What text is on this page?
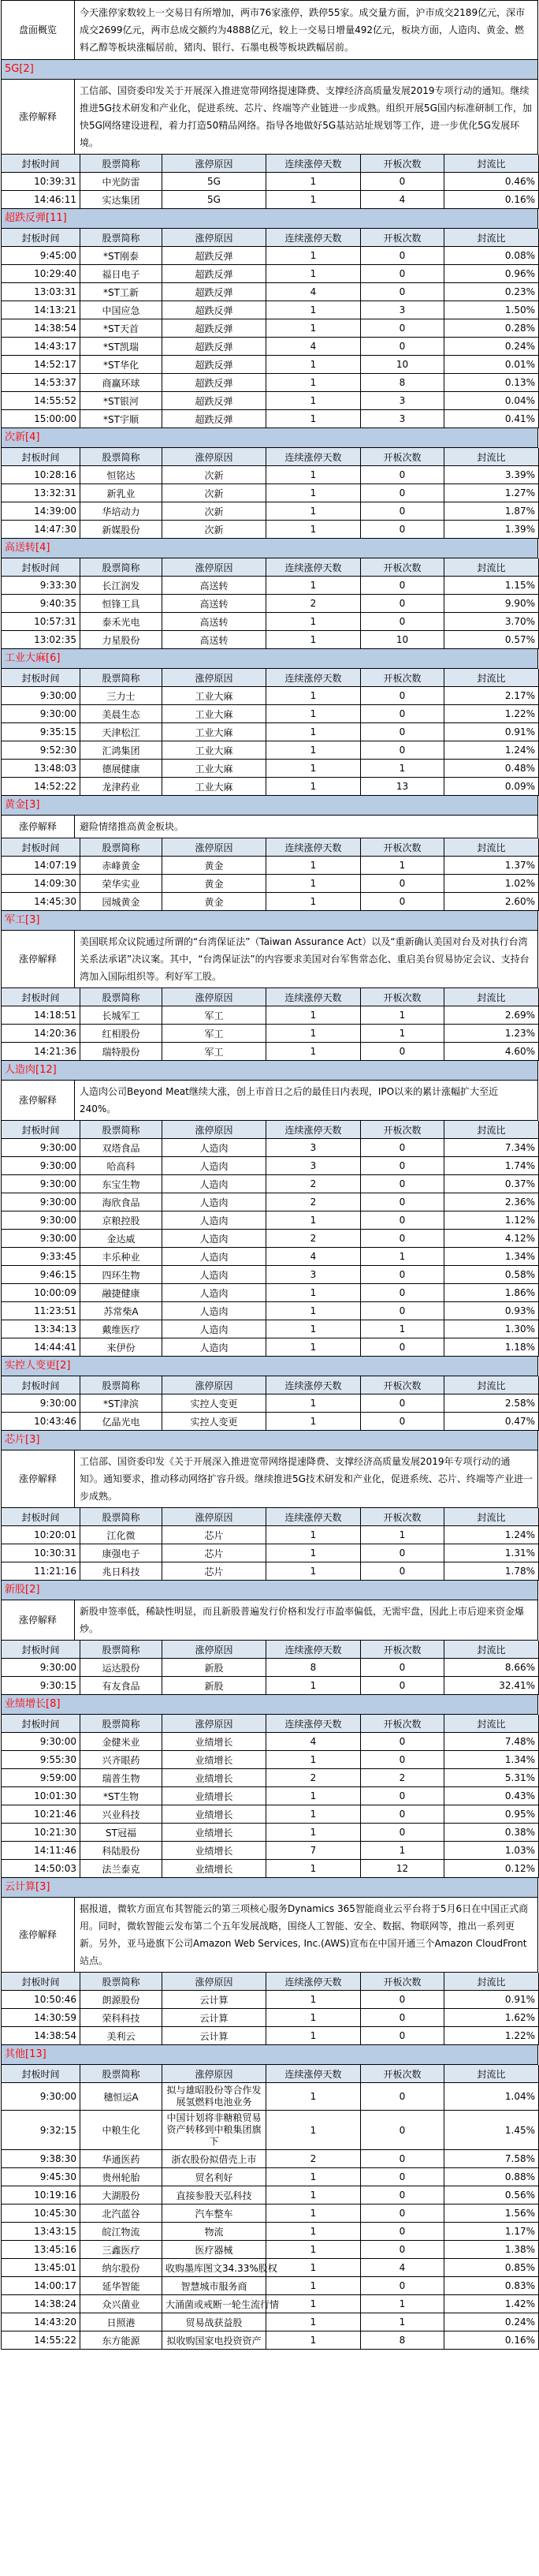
盘面概览	今天涨停家数较上一交易日有所增加，两市76家涨停，跌停55家。成交量方面，沪市成交2189亿元，深市成交2699亿元，两市总成交额约为4888亿元，较上一交易日增量492亿元，板块方面，人造肉、黄金、燃料乙醇等板块涨幅居前，猪肉、银行、石墨电极等板块跌幅居前。
5G[2]
涨停解释	工信部、国资委印发关于开展深入推进宽带网络提速降费、支撑经济高质量发展2019专项行动的通知。继续推进5G技术研发和产业化，促进系统、芯片、终端等产业链进一步成熟。组织开展5G国内标准研制工作，加快5G网络建设进程，着力打造50精品网络。指导各地做好5G基站站址规划等工作，进一步优化5G发展环境。
封板时间	股票简称	涨停原因	连续涨停天数	开板次数	封流比
10:39:31	中光防雷	5G	1	0	0.46%
14:46:11	实达集团	5G	1	4	0.16%
超跌反弹[11]
封板时间	股票简称	涨停原因	连续涨停天数	开板次数	封流比
9:45:00	*ST刚泰	超跌反弹	1	0	0.08%
10:29:40	福日电子	超跌反弹	1	0	0.96%
13:03:31	*ST工新	超跌反弹	4	0	0.23%
14:13:21	中国应急	超跌反弹	1	3	1.50%
14:38:54	*ST天首	超跌反弹	1	0	0.28%
14:43:17	*ST凯瑞	超跌反弹	4	0	0.24%
14:52:17	*ST华化	超跌反弹	1	10	0.01%
14:53:37	商赢环球	超跌反弹	1	8	0.13%
14:55:52	*ST银河	超跌反弹	1	3	0.04%
15:00:00	*ST宇顺	超跌反弹	1	3	0.41%
次新[4]
封板时间	股票简称	涨停原因	连续涨停天数	开板次数	封流比
10:28:16	恒铭达	次新	1	0	3.39%
13:32:31	新乳业	次新	1	0	1.27%
14:39:00	华培动力	次新	1	0	1.87%
14:47:30	新媒股份	次新	1	0	1.39%
高送转[4]
封板时间	股票简称	涨停原因	连续涨停天数	开板次数	封流比
9:33:30	长江润发	高送转	1	0	1.15%
9:40:35	恒锋工具	高送转	2	0	9.90%
10:57:31	泰禾光电	高送转	1	0	3.70%
13:02:35	力星股份	高送转	1	10	0.57%
工业大麻[6]
封板时间	股票简称	涨停原因	连续涨停天数	开板次数	封流比
9:30:00	三力士	工业大麻	1	0	2.17%
9:30:00	美晨生态	工业大麻	1	0	1.22%
9:35:15	天津松江	工业大麻	1	0	0.91%
9:52:30	汇鸿集团	工业大麻	1	0	1.24%
13:48:03	德展健康	工业大麻	1	1	0.48%
14:52:22	龙津药业	工业大麻	1	13	0.09%
黄金[3]
涨停解释	避险情绪推高黄金板块。
封板时间	股票简称	涨停原因	连续涨停天数	开板次数	封流比
14:07:19	赤峰黄金	黄金	1	1	1.37%
14:09:30	荣华实业	黄金	1	0	1.02%
14:45:30	园城黄金	黄金	1	0	2.60%
军工[3]
涨停解释	美国联邦众议院通过所谓的“台湾保证法”（Taiwan Assurance Act）以及“重新确认美国对台及对执行台湾关系法承诺”决议案。其中，“台湾保证法”的内容要求美国对台军售常态化、重启美台贸易协定会议、支持台湾加入国际组织等。利好军工股。
封板时间	股票简称	涨停原因	连续涨停天数	开板次数	封流比
14:18:51	长城军工	军工	1	1	2.69%
14:20:36	红相股份	军工	1	1	1.23%
14:21:36	瑞特股份	军工	1	0	4.60%
人造肉[12]
涨停解释	人造肉公司Beyond Meat继续大涨，创上市首日之后的最佳日内表现，IPO以来的累计涨幅扩大至近240%。
封板时间	股票简称	涨停原因	连续涨停天数	开板次数	封流比
9:30:00	双塔食品	人造肉	3	0	7.34%
9:30:00	哈高科	人造肉	3	0	1.74%
9:30:00	东宝生物	人造肉	2	0	0.37%
9:30:00	海欣食品	人造肉	2	0	2.36%
9:30:00	京粮控股	人造肉	1	0	1.12%
9:30:00	金达威	人造肉	2	0	4.12%
9:33:45	丰乐种业	人造肉	4	1	1.34%
9:46:15	四环生物	人造肉	3	0	0.58%
10:00:09	融捷健康	人造肉	1	0	1.86%
11:23:51	苏常柴A	人造肉	1	0	0.93%
13:34:13	戴维医疗	人造肉	1	1	1.30%
14:44:41	来伊份	人造肉	1	0	1.18%
实控人变更[2]
封板时间	股票简称	涨停原因	连续涨停天数	开板次数	封流比
9:30:00	*ST津滨	实控人变更	1	0	2.58%
10:43:46	亿晶光电	实控人变更	1	0	0.47%
芯片[3]
涨停解释	工信部、国资委印发《关于开展深入推进宽带网络提速降费、支撑经济高质量发展2019年专项行动的通知》。通知要求，推动移动网络扩容升级。继续推进5G技术研发和产业化，促进系统、芯片、终端等产业进一步成熟。
封板时间	股票简称	涨停原因	连续涨停天数	开板次数	封流比
10:20:01	江化微	芯片	1	1	1.24%
10:30:31	康强电子	芯片	1	0	1.31%
11:21:16	兆日科技	芯片	1	0	1.78%
新股[2]
涨停解释	新股申签率低，稀缺性明显，而且新股普遍发行价格和发行市盈率偏低，无需牢盘，因此上市后迎来资金爆炒。
封板时间	股票简称	涨停原因	连续涨停天数	开板次数	封流比
9:30:00	运达股份	新股	8	0	8.66%
9:30:15	有友食品	新股	1	0	32.41%
业绩增长[8]
封板时间	股票简称	涨停原因	连续涨停天数	开板次数	封流比
9:30:00	金健米业	业绩增长	4	0	7.48%
9:55:30	兴齐眼药	业绩增长	1	0	1.34%
9:59:00	瑞普生物	业绩增长	2	2	5.31%
10:01:30	*ST生物	业绩增长	1	0	0.43%
10:21:46	兴业科技	业绩增长	1	0	0.95%
10:21:30	ST冠福	业绩增长	1	0	0.38%
14:11:46	科陆股份	业绩增长	7	1	1.03%
14:50:03	法兰泰克	业绩增长	1	12	0.12%
云计算[3]
涨停解释	据报道，微软方面宣布其智能云的第三项核心服务Dynamics 365智能商业云平台将于5月6日在中国正式商用。同时，微软智能云发布第二个五年发展战略，围绕人工智能、安全、数据、物联网等，推出一系列更新。另外，亚马逊旗下公司Amazon Web Services, Inc.(AWS)宣布在中国开通三个Amazon CloudFront站点。
封板时间	股票简称	涨停原因	连续涨停天数	开板次数	封流比
10:50:46	朗源股份	云计算	1	0	0.91%
14:30:59	荣科科技	云计算	1	0	1.62%
14:38:54	美利云	云计算	1	0	1.22%
其他[13]
封板时间	股票简称	涨停原因	连续涨停天数	开板次数	封流比
9:30:00	穗恒运A	拟与雄昭股份等合作发展氢燃料电池业务	1	0	1.04%
9:32:15	中粮生化	中国计划将非糖粮贸易资产转移到中粮集团旗下	1	0	1.45%
9:38:30	华通医药	浙农股份拟借壳上市	2	0	7.58%
9:45:30	贵州轮胎	贸名利好	1	0	0.88%
10:19:16	大湖股份	直接参股天弘科技	1	0	0.56%
10:45:30	北汽蓝谷	汽车整车	1	0	1.56%
13:43:15	皖江物流	物流	1	0	1.17%
13:45:16	三鑫医疗	医疗器械	1	0	1.38%
13:45:01	纳尔股份	收购墨库图文34.33%股权	1	4	0.85%
14:00:17	延华智能	智慧城市服务商	1	0	0.83%
14:38:24	众兴菌业	大涌菌或戒断一轮生流行情	1	1	1.42%
14:43:20	日照港	贸易战获益股	1	1	0.24%
14:55:22	东方能源	拟收购国家电投资资产	1	8	0.16%
